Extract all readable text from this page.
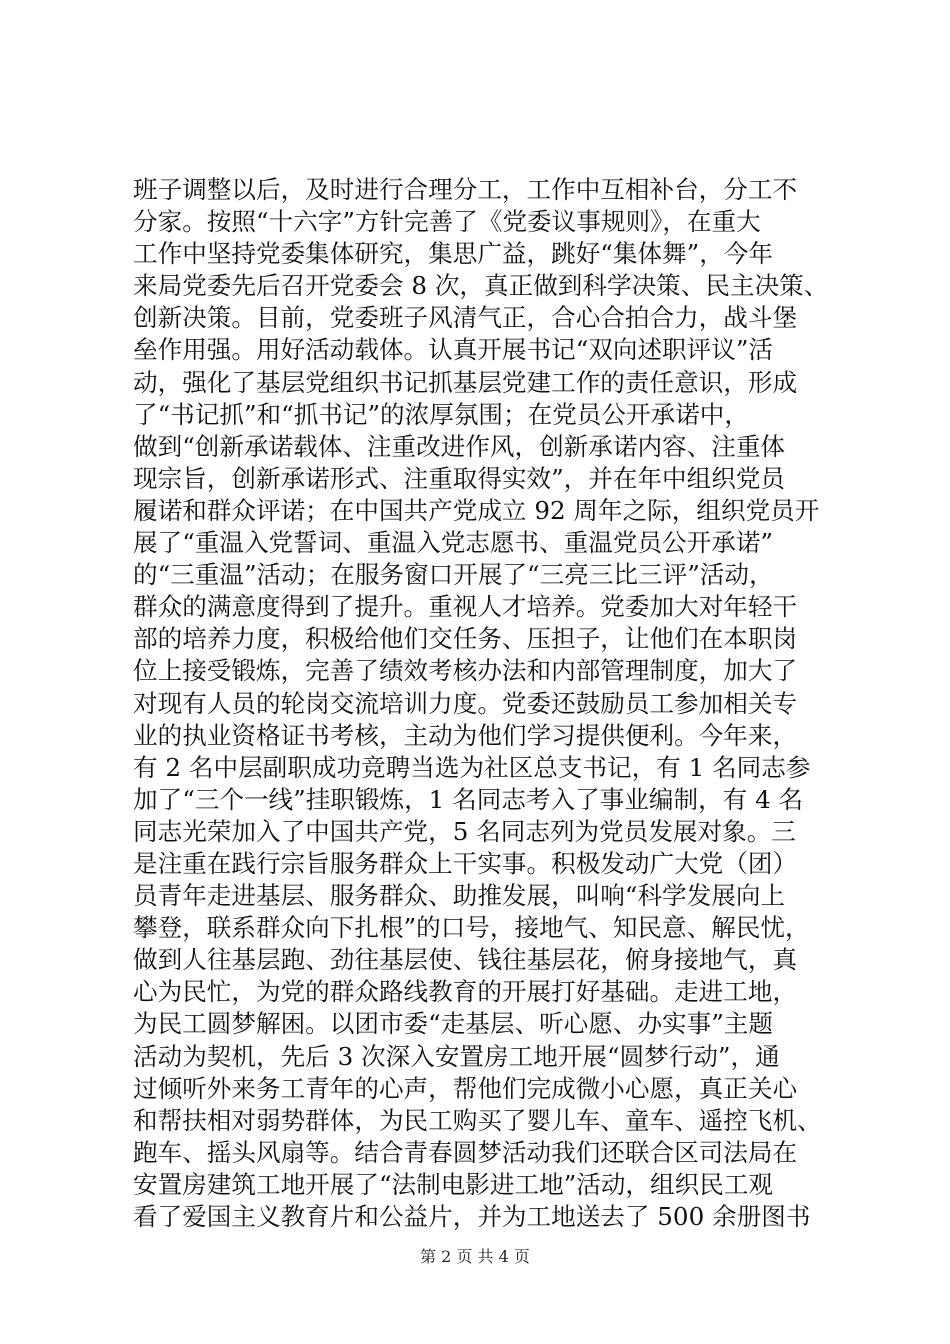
班子调整以后，及时进行合理分工，工作中互相补台，分工不
分家。按照“十六字”方针完善了《党委议事规则》，在重大
工作中坚持党委集体研究，集思广益，跳好“集体舞”，今年
来局党委先后召开党委会 8 次，真正做到科学决策、民主决策、
创新决策。目前，党委班子风清气正，合心合拍合力，战斗堡
垒作用强。用好活动载体。认真开展书记“双向述职评议”活
动，强化了基层党组织书记抓基层党建工作的责任意识，形成
了“书记抓”和“抓书记”的浓厚氛围；在党员公开承诺中，
做到“创新承诺载体、注重改进作风，创新承诺内容、注重体
现宗旨，创新承诺形式、注重取得实效”，并在年中组织党员
履诺和群众评诺；在中国共产党成立 92 周年之际，组织党员开
展了“重温入党誓词、重温入党志愿书、重温党员公开承诺”
的“三重温”活动；在服务窗口开展了“三亮三比三评”活动，
群众的满意度得到了提升。重视人才培养。党委加大对年轻干
部的培养力度，积极给他们交任务、压担子，让他们在本职岗
位上接受锻炼，完善了绩效考核办法和内部管理制度，加大了
对现有人员的轮岗交流培训力度。党委还鼓励员工参加相关专
业的执业资格证书考核，主动为他们学习提供便利。今年来，
有 2 名中层副职成功竞聘当选为社区总支书记，有 1 名同志参
加了“三个一线”挂职锻炼，1 名同志考入了事业编制，有 4 名
同志光荣加入了中国共产党，5 名同志列为党员发展对象。三
是注重在践行宗旨服务群众上干实事。积极发动广大党（团）
员青年走进基层、服务群众、助推发展，叫响“科学发展向上
攀登，联系群众向下扎根”的口号，接地气、知民意、解民忧，
做到人往基层跑、劲往基层使、钱往基层花，俯身接地气，真
心为民忙，为党的群众路线教育的开展打好基础。走进工地，
为民工圆梦解困。以团市委“走基层、听心愿、办实事”主题
活动为契机，先后 3 次深入安置房工地开展“圆梦行动”，通
过倾听外来务工青年的心声，帮他们完成微小心愿，真正关心
和帮扶相对弱势群体，为民工购买了婴儿车、童车、遥控飞机、
跑车、摇头风扇等。结合青春圆梦活动我们还联合区司法局在
安置房建筑工地开展了“法制电影进工地”活动，组织民工观
看了爱国主义教育片和公益片，并为工地送去了 500 余册图书
第 2 页 共 4 页
